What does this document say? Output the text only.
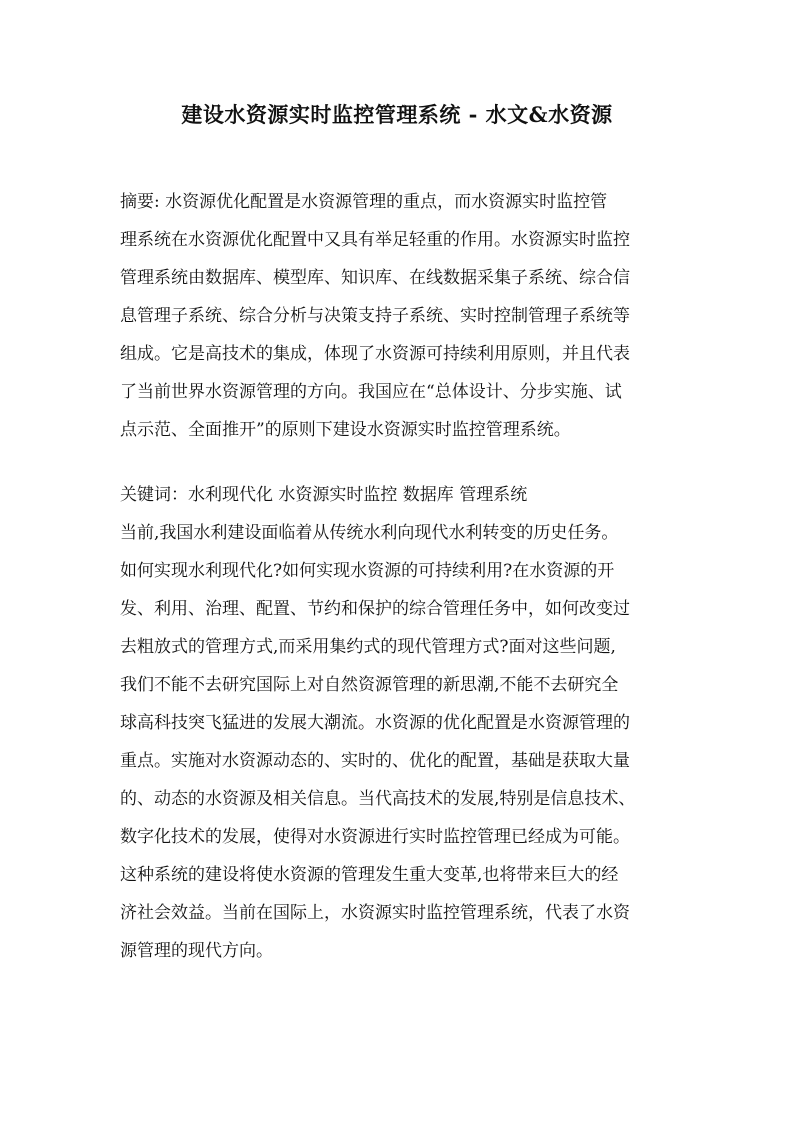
建设水资源实时监控管理系统 - 水文&水资源
摘要: 水资源优化配置是水资源管理的重点，而水资源实时监控管
理系统在水资源优化配置中又具有举足轻重的作用。水资源实时监控
管理系统由数据库、模型库、知识库、在线数据采集子系统、综合信
息管理子系统、综合分析与决策支持子系统、实时控制管理子系统等
组成。它是高技术的集成，体现了水资源可持续利用原则，并且代表
了当前世界水资源管理的方向。我国应在“总体设计、分步实施、试
点示范、全面推开”的原则下建设水资源实时监控管理系统。
关键词：水利现代化 水资源实时监控 数据库 管理系统
当前,我国水利建设面临着从传统水利向现代水利转变的历史任务。
如何实现水利现代化?如何实现水资源的可持续利用?在水资源的开
发、利用、治理、配置、节约和保护的综合管理任务中，如何改变过
去粗放式的管理方式,而采用集约式的现代管理方式?面对这些问题,
我们不能不去研究国际上对自然资源管理的新思潮,不能不去研究全
球高科技突飞猛进的发展大潮流。水资源的优化配置是水资源管理的
重点。实施对水资源动态的、实时的、优化的配置，基础是获取大量
的、动态的水资源及相关信息。当代高技术的发展,特别是信息技术、
数字化技术的发展，使得对水资源进行实时监控管理已经成为可能。
这种系统的建设将使水资源的管理发生重大变革,也将带来巨大的经
济社会效益。当前在国际上，水资源实时监控管理系统，代表了水资
源管理的现代方向。
